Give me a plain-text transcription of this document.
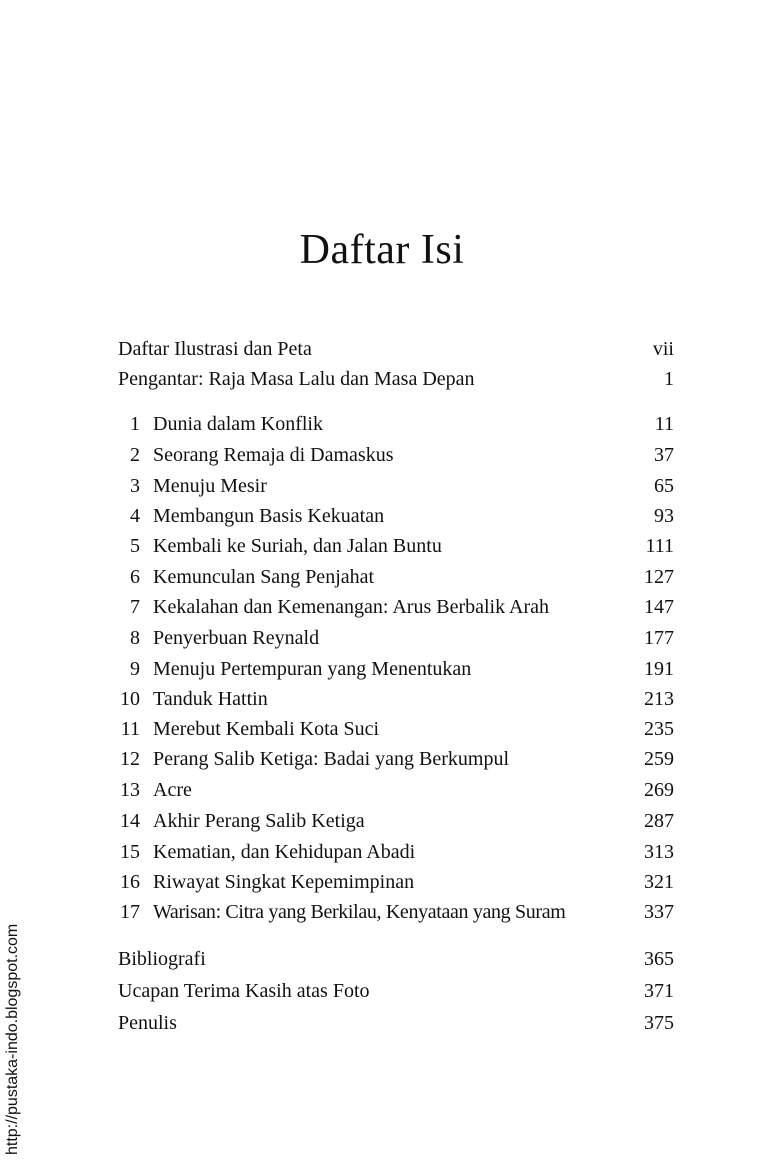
Daftar Isi
Daftar Ilustrasi dan Peta	vii
Pengantar: Raja Masa Lalu dan Masa Depan	1
1 Dunia dalam Konflik	11
2 Seorang Remaja di Damaskus	37
3 Menuju Mesir	65
4 Membangun Basis Kekuatan	93
5 Kembali ke Suriah, dan Jalan Buntu	111
6 Kemunculan Sang Penjahat	127
7 Kekalahan dan Kemenangan: Arus Berbalik Arah	147
8 Penyerbuan Reynald	177
9 Menuju Pertempuran yang Menentukan	191
10 Tanduk Hattin	213
11 Merebut Kembali Kota Suci	235
12 Perang Salib Ketiga: Badai yang Berkumpul	259
13 Acre	269
14 Akhir Perang Salib Ketiga	287
15 Kematian, dan Kehidupan Abadi	313
16 Riwayat Singkat Kepemimpinan	321
17 Warisan: Citra yang Berkilau, Kenyataan yang Suram	337
Bibliografi	365
Ucapan Terima Kasih atas Foto	371
Penulis	375
http://pustaka-indo.blogspot.com
